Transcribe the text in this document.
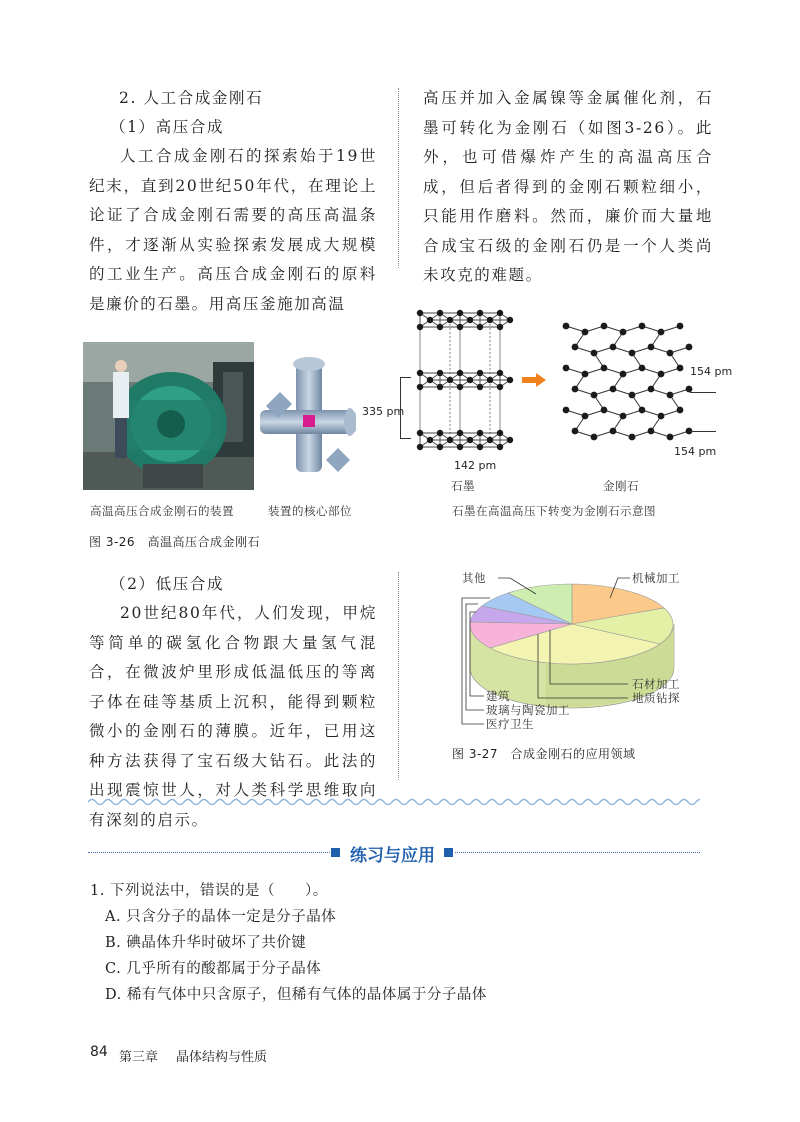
2. 人工合成金刚石
（1）高压合成
人工合成金刚石的探索始于19世纪末，直到20世纪50年代，在理论上论证了合成金刚石需要的高压高温条件，才逐渐从实验探索发展成大规模的工业生产。高压合成金刚石的原料是廉价的石墨。用高压釜施加高温
高压并加入金属镍等金属催化剂，石墨可转化为金刚石（如图3-26）。此外，也可借爆炸产生的高温高压合成，但后者得到的金刚石颗粒细小，只能用作磨料。然而，廉价而大量地合成宝石级的金刚石仍是一个人类尚未攻克的难题。
335 pm
142 pm
154 pm
154 pm
石墨	金刚石
高温高压合成金刚石的装置	装置的核心部位	石墨在高温高压下转变为金刚石示意图
图 3-26　高温高压合成金刚石
（2）低压合成
20世纪80年代，人们发现，甲烷等简单的碳氢化合物跟大量氢气混合，在微波炉里形成低温低压的等离子体在硅等基质上沉积，能得到颗粒微小的金刚石的薄膜。近年，已用这种方法获得了宝石级大钻石。此法的出现震惊世人，对人类科学思维取向有深刻的启示。
其他	机械加工
石材加工
地质钻探
建筑
玻璃与陶瓷加工
医疗卫生
图 3-27　合成金刚石的应用领域
练习与应用
1. 下列说法中，错误的是（　　）。
A. 只含分子的晶体一定是分子晶体
B. 碘晶体升华时破坏了共价键
C. 几乎所有的酸都属于分子晶体
D. 稀有气体中只含原子，但稀有气体的晶体属于分子晶体
84 第三章 晶体结构与性质
